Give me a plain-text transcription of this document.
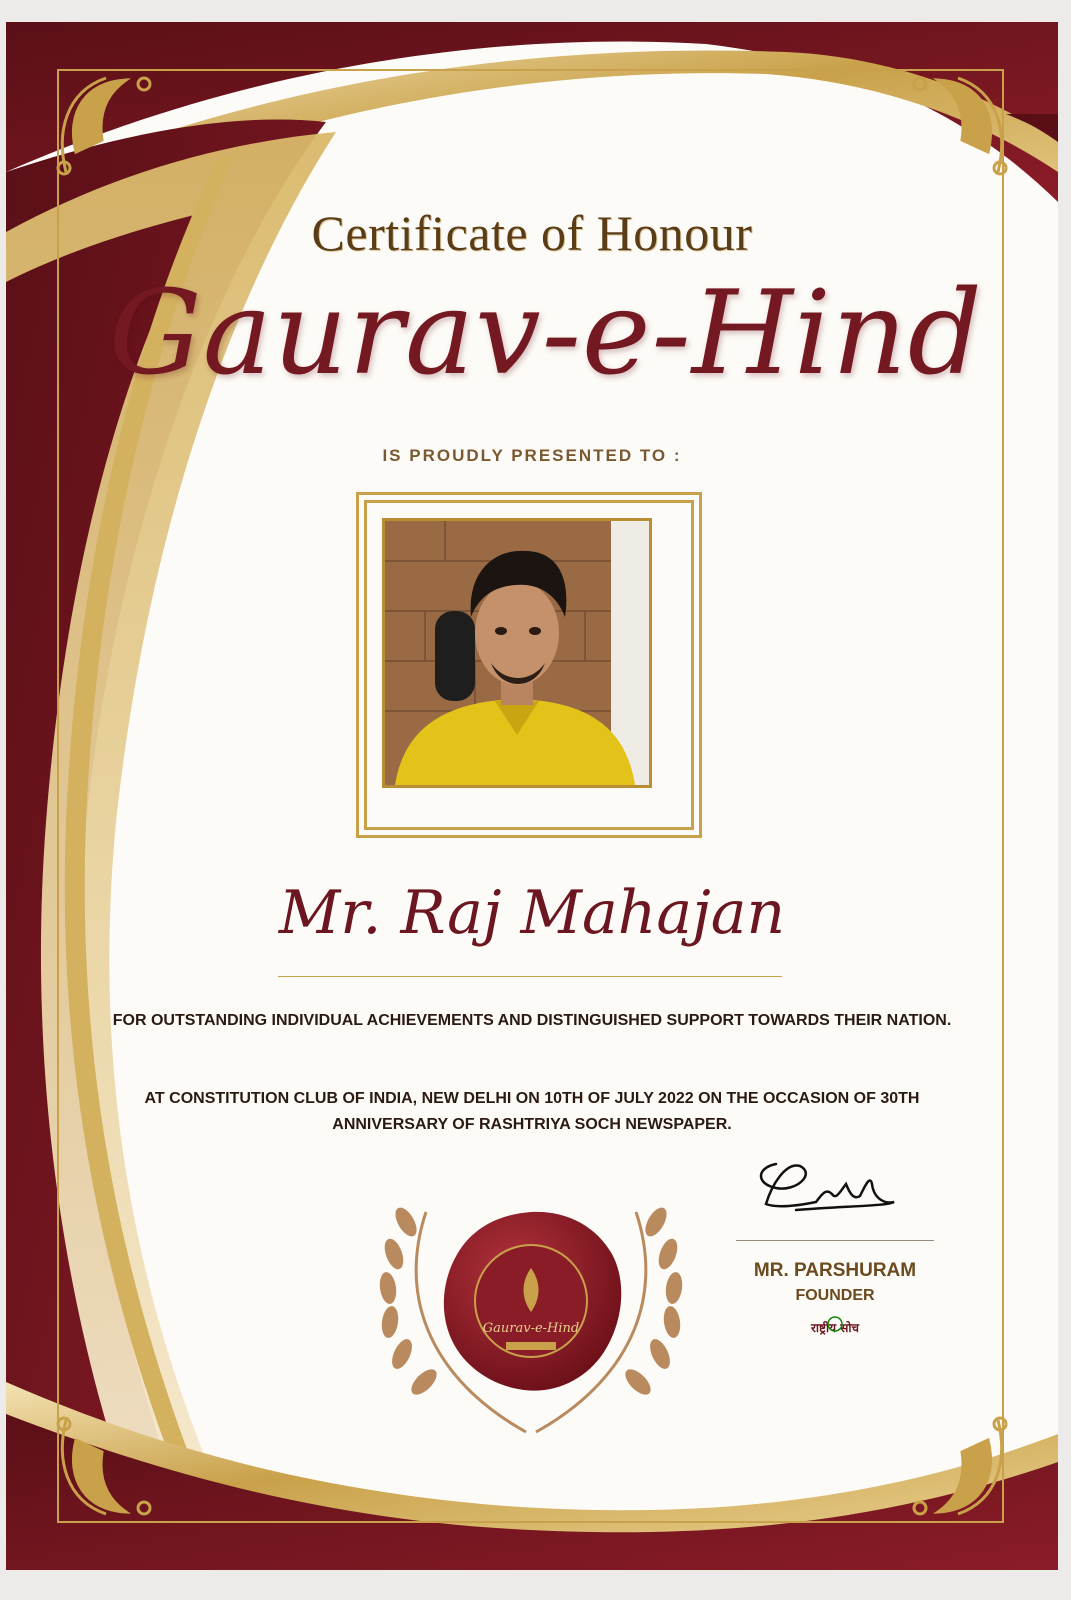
Certificate of Honour
Gaurav-e-Hind
IS PROUDLY PRESENTED TO :
Mr. Raj Mahajan
FOR OUTSTANDING INDIVIDUAL ACHIEVEMENTS AND DISTINGUISHED SUPPORT TOWARDS THEIR NATION.
AT CONSTITUTION CLUB OF INDIA, NEW DELHI ON 10TH OF JULY 2022 ON THE OCCASION OF 30TH ANNIVERSARY OF RASHTRIYA SOCH NEWSPAPER.
Gaurav-e-Hind
MR. PARSHURAM
FOUNDER
राष्ट्रीय सोच
